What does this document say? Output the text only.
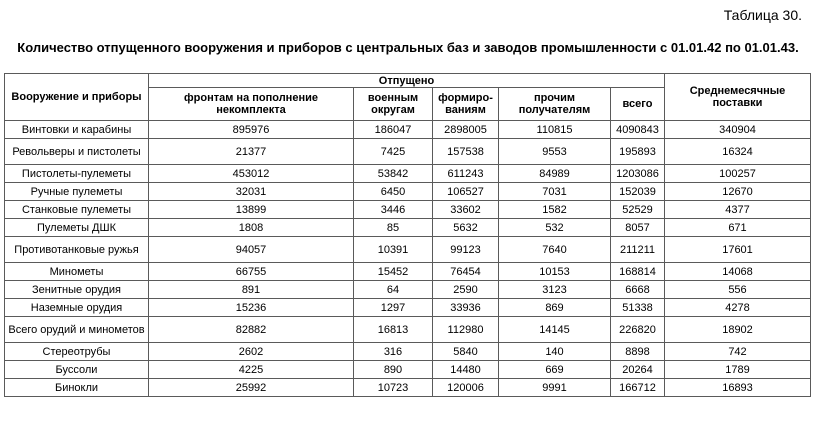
Таблица 30.
Количество отпущенного вооружения и приборов с центральных баз и заводов промышленности с 01.01.42 по 01.01.43.
Вооружение и приборы	Отпущено					Среднемесячные поставки
	фронтам на пополнение некомплекта	военным округам	формиро-ваниям	прочим получателям	всего	
Винтовки и карабины	895976	186047	2898005	110815	4090843	340904
Револьверы и пистолеты	21377	7425	157538	9553	195893	16324
Пистолеты-пулеметы	453012	53842	611243	84989	1203086	100257
Ручные пулеметы	32031	6450	106527	7031	152039	12670
Станковые пулеметы	13899	3446	33602	1582	52529	4377
Пулеметы ДШК	1808	85	5632	532	8057	671
Противотанковые ружья	94057	10391	99123	7640	211211	17601
Минометы	66755	15452	76454	10153	168814	14068
Зенитные орудия	891	64	2590	3123	6668	556
Наземные орудия	15236	1297	33936	869	51338	4278
Всего орудий и минометов	82882	16813	112980	14145	226820	18902
Стереотрубы	2602	316	5840	140	8898	742
Буссоли	4225	890	14480	669	20264	1789
Бинокли	25992	10723	120006	9991	166712	16893
